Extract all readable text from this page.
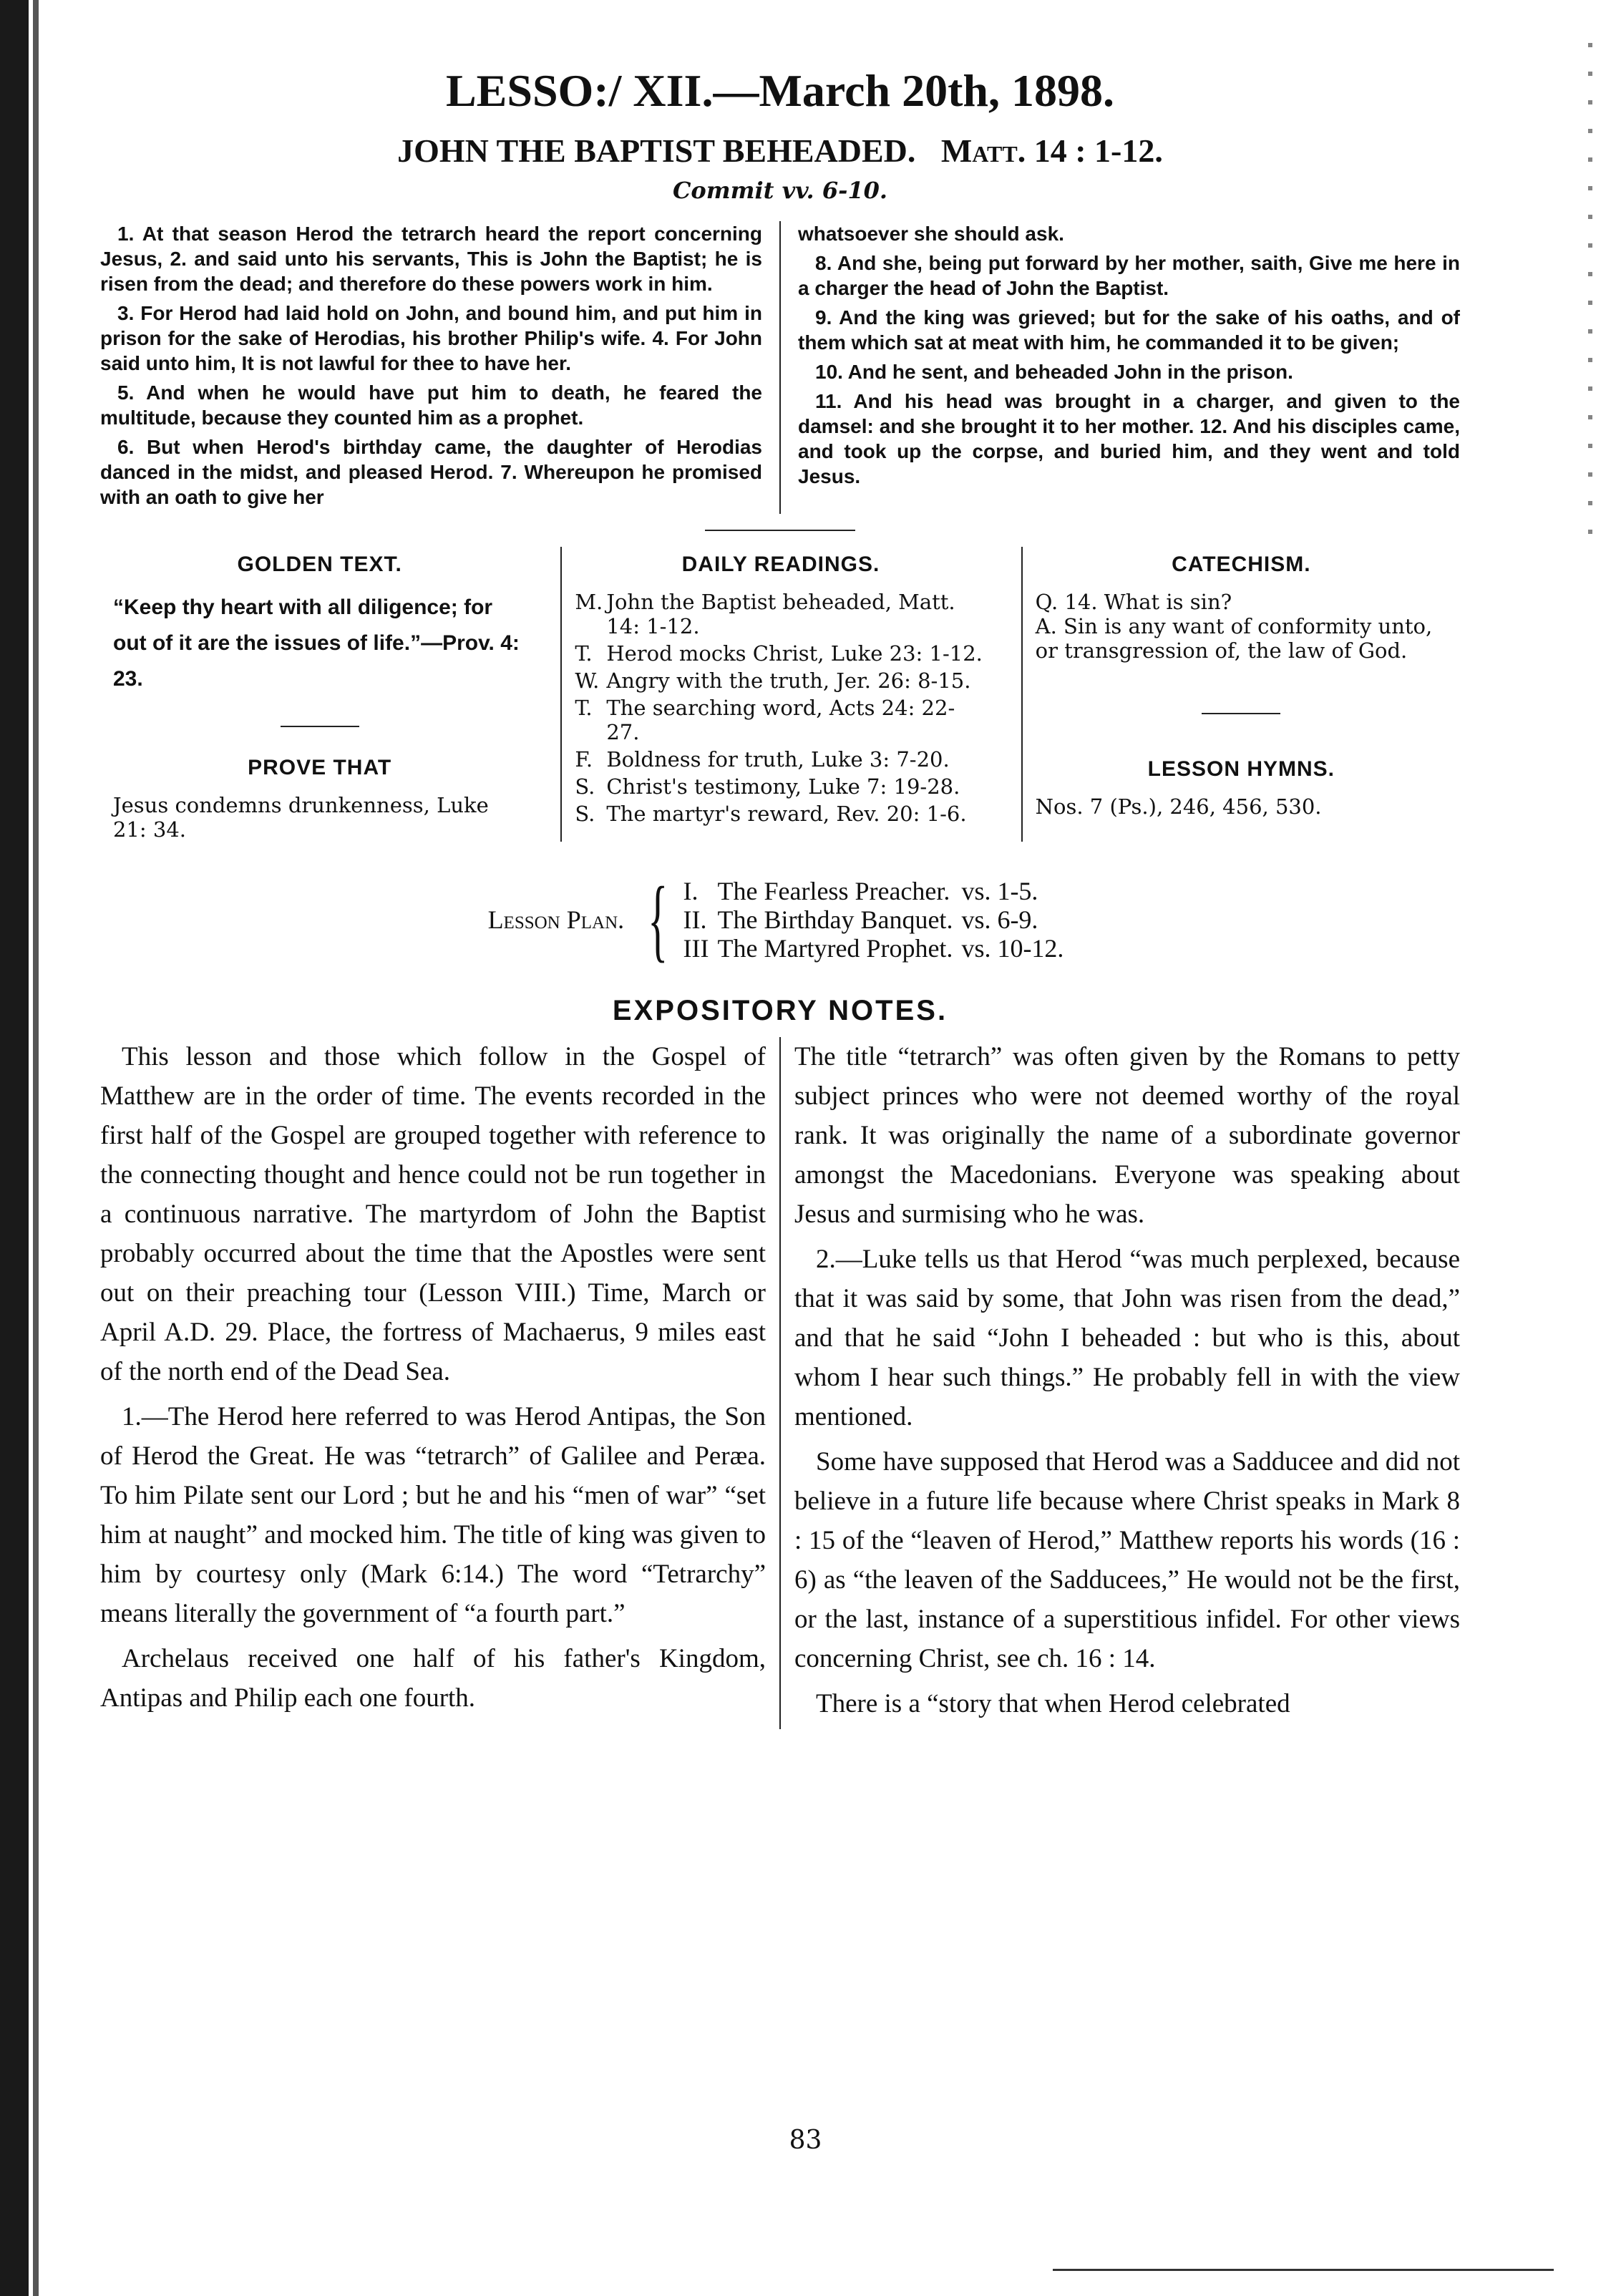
LESSO:/ XII.—March 20th, 1898.
JOHN THE BAPTIST BEHEADED. Matt. 14 : 1-12.
Commit vv. 6-10.

1. At that season Herod the tetrarch heard the report concerning Jesus, 2. and said unto his servants, This is John the Baptist; he is risen from the dead; and therefore do these powers work in him.

3. For Herod had laid hold on John, and bound him, and put him in prison for the sake of Herodias, his brother Philip's wife. 4. For John said unto him, It is not lawful for thee to have her.

5. And when he would have put him to death, he feared the multitude, because they counted him as a prophet.

6. But when Herod's birthday came, the daughter of Herodias danced in the midst, and pleased Herod. 7. Whereupon he promised with an oath to give her

whatsoever she should ask.

8. And she, being put forward by her mother, saith, Give me here in a charger the head of John the Baptist.

9. And the king was grieved; but for the sake of his oaths, and of them which sat at meat with him, he commanded it to be given;

10. And he sent, and beheaded John in the prison.

11. And his head was brought in a charger, and given to the damsel: and she brought it to her mother. 12. And his disciples came, and took up the corpse, and buried him, and they went and told Jesus.

GOLDEN TEXT.
“Keep thy heart with all diligence; for out of it are the issues of life.”—Prov. 4: 23.
PROVE THAT
Jesus condemns drunkenness, Luke 21: 34.
DAILY READINGS.
M. John the Baptist beheaded, Matt. 14: 1-12.
T. Herod mocks Christ, Luke 23: 1-12.
W. Angry with the truth, Jer. 26: 8-15.
T. The searching word, Acts 24: 22-27.
F. Boldness for truth, Luke 3: 7-20.
S. Christ's testimony, Luke 7: 19-28.
S. The martyr's reward, Rev. 20: 1-6.
CATECHISM.
Q. 14. What is sin?
A. Sin is any want of conformity unto, or transgression of, the law of God.
LESSON HYMNS.
Nos. 7 (Ps.), 246, 456, 530.
Lesson Plan. { I.	The Fearless Preacher.	vs. 1-5.
II.	The Birthday Banquet.	vs. 6-9.
III	The Martyred Prophet.	vs. 10-12.
EXPOSITORY NOTES.

This lesson and those which follow in the Gospel of Matthew are in the order of time. The events recorded in the first half of the Gospel are grouped together with reference to the connecting thought and hence could not be run together in a continuous narrative. The martyrdom of John the Baptist probably occurred about the time that the Apostles were sent out on their preaching tour (Lesson VIII.) Time, March or April A.D. 29. Place, the fortress of Machaerus, 9 miles east of the north end of the Dead Sea.

1.—The Herod here referred to was Herod Antipas, the Son of Herod the Great. He was “tetrarch” of Galilee and Peræa. To him Pilate sent our Lord ; but he and his “men of war” “set him at naught” and mocked him. The title of king was given to him by courtesy only (Mark 6:14.) The word “Tetrarchy” means literally the government of “a fourth part.”

Archelaus received one half of his father's Kingdom, Antipas and Philip each one fourth.

The title “tetrarch” was often given by the Romans to petty subject princes who were not deemed worthy of the royal rank. It was originally the name of a subordinate governor amongst the Macedonians. Everyone was speaking about Jesus and surmising who he was.

2.—Luke tells us that Herod “was much perplexed, because that it was said by some, that John was risen from the dead,” and that he said “John I beheaded : but who is this, about whom I hear such things.” He probably fell in with the view mentioned.

Some have supposed that Herod was a Sadducee and did not believe in a future life because where Christ speaks in Mark 8 : 15 of the “leaven of Herod,” Matthew reports his words (16 : 6) as “the leaven of the Sadducees,” He would not be the first, or the last, instance of a superstitious infidel. For other views concerning Christ, see ch. 16 : 14.

There is a “story that when Herod celebrated

83
